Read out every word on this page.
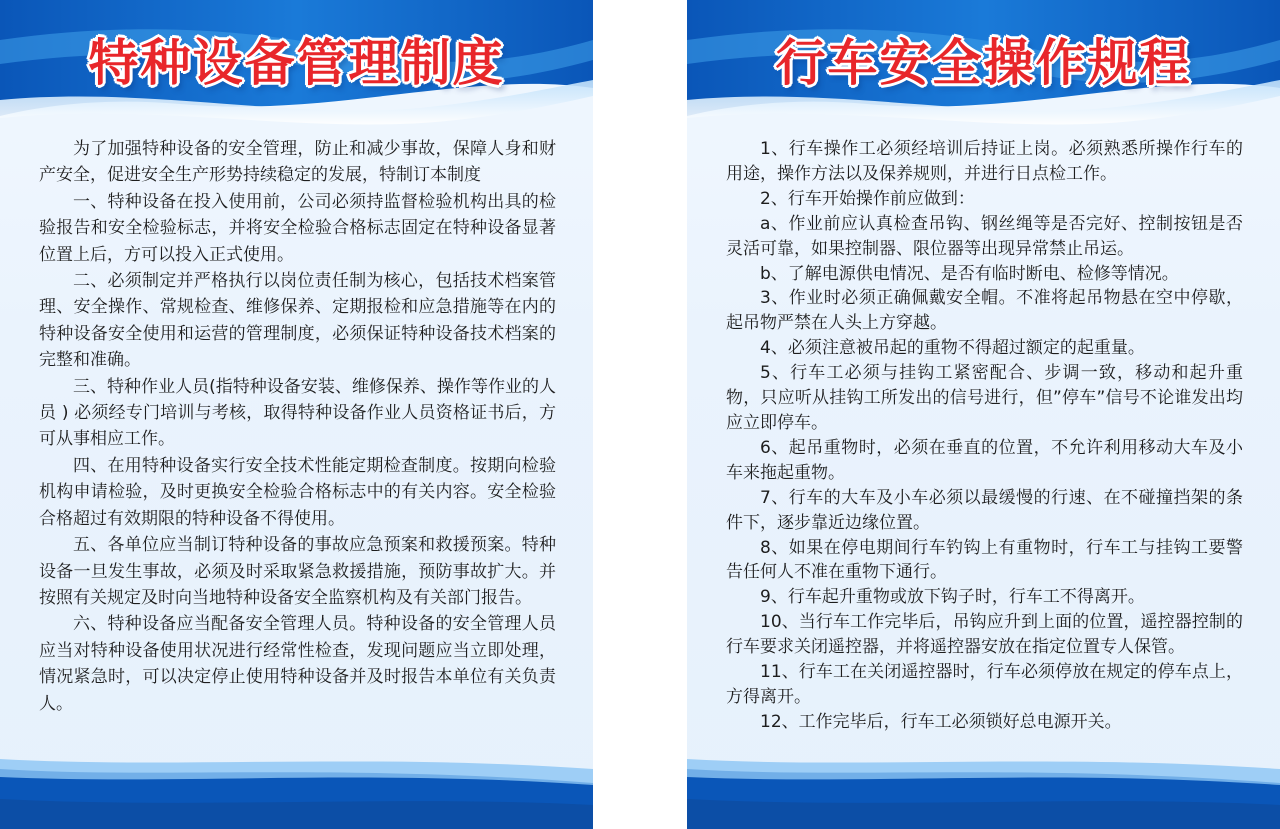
特种设备管理制度

为了加强特种设备的安全管理，防止和减少事故，保障人身和财产安全，促进安全生产形势持续稳定的发展，特制订本制度

一、特种设备在投入使用前，公司必须持监督检验机构出具的检验报告和安全检验标志，并将安全检验合格标志固定在特种设备显著位置上后，方可以投入正式使用。

二、必须制定并严格执行以岗位责任制为核心，包括技术档案管理、安全操作、常规检查、维修保养、定期报检和应急措施等在内的特种设备安全使用和运营的管理制度，必须保证特种设备技术档案的完整和准确。

三、特种作业人员(指特种设备安装、维修保养、操作等作业的人员 ) 必须经专门培训与考核，取得特种设备作业人员资格证书后，方可从事相应工作。

四、在用特种设备实行安全技术性能定期检查制度。按期向检验机构申请检验，及时更换安全检验合格标志中的有关内容。安全检验合格超过有效期限的特种设备不得使用。

五、各单位应当制订特种设备的事故应急预案和救援预案。特种设备一旦发生事故，必须及时采取紧急救援措施，预防事故扩大。并按照有关规定及时向当地特种设备安全监察机构及有关部门报告。

六、特种设备应当配备安全管理人员。特种设备的安全管理人员应当对特种设备使用状况进行经常性检查，发现问题应当立即处理，情况紧急时，可以决定停止使用特种设备并及时报告本单位有关负责人。

行车安全操作规程

1、行车操作工必须经培训后持证上岗。必须熟悉所操作行车的用途，操作方法以及保养规则，并进行日点检工作。

2、行车开始操作前应做到：

a、作业前应认真检查吊钩、钢丝绳等是否完好、控制按钮是否灵活可靠，如果控制器、限位器等出现异常禁止吊运。

b、了解电源供电情况、是否有临时断电、检修等情况。

3、作业时必须正确佩戴安全帽。不准将起吊物悬在空中停歇，起吊物严禁在人头上方穿越。

4、必须注意被吊起的重物不得超过额定的起重量。

5、行车工必须与挂钩工紧密配合、步调一致，移动和起升重物，只应听从挂钩工所发出的信号进行，但”停车”信号不论谁发出均应立即停车。

6、起吊重物时，必须在垂直的位置，不允许利用移动大车及小车来拖起重物。

7、行车的大车及小车必须以最缓慢的行速、在不碰撞挡架的条件下，逐步靠近边缘位置。

8、如果在停电期间行车钓钩上有重物时，行车工与挂钩工要警告任何人不准在重物下通行。

9、行车起升重物或放下钩子时，行车工不得离开。

10、当行车工作完毕后，吊钩应升到上面的位置，遥控器控制的行车要求关闭遥控器，并将遥控器安放在指定位置专人保管。

11、行车工在关闭遥控器时，行车必须停放在规定的停车点上，方得离开。

12、工作完毕后，行车工必须锁好总电源开关。
